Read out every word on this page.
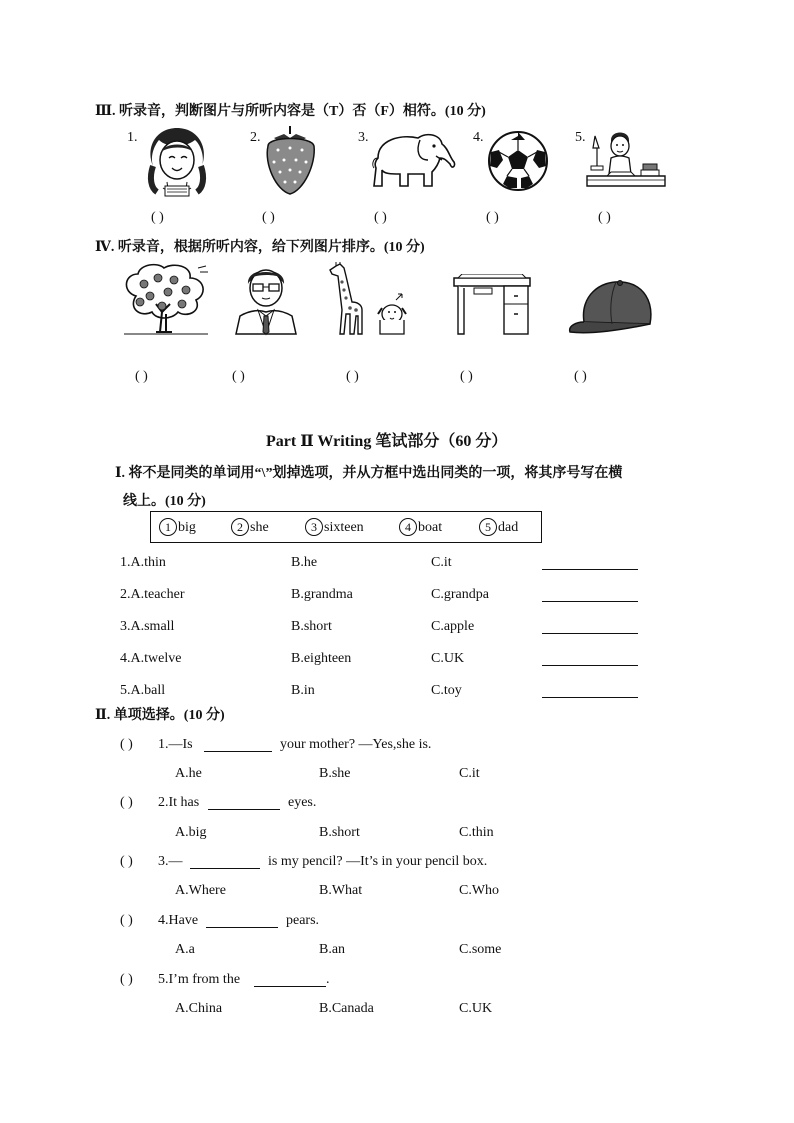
Ⅲ. 听录音，判断图片与所听内容是（T）否（F）相符。(10 分)
1.	2.	3.	4.	5.
( )	( )	( )	( )	( )
Ⅳ. 听录音，根据所听内容，给下列图片排序。(10 分)
( )	( )	( )	( )	( )
Part Ⅱ Writing 笔试部分（60 分）
Ⅰ. 将不是同类的单词用“\”划掉选项，并从方框中选出同类的一项，将其序号写在横
线上。(10 分)
1 big	2 she	3 sixteen	4 boat	5 dad
1.A.thin	B.he	C.it
2.A.teacher	B.grandma	C.grandpa
3.A.small	B.short	C.apple
4.A.twelve	B.eighteen	C.UK
5.A.ball	B.in	C.toy
Ⅱ. 单项选择。(10 分)
( ) 1.—Is	your mother? —Yes,she is.
A.he	B.she	C.it
( ) 2.It has	eyes.
A.big	B.short	C.thin
( ) 3.—	is my pencil? —It’s in your pencil box.
A.Where	B.What	C.Who
( ) 4.Have	pears.
A.a	B.an	C.some
( ) 5.I’m from the	.
A.China	B.Canada	C.UK
